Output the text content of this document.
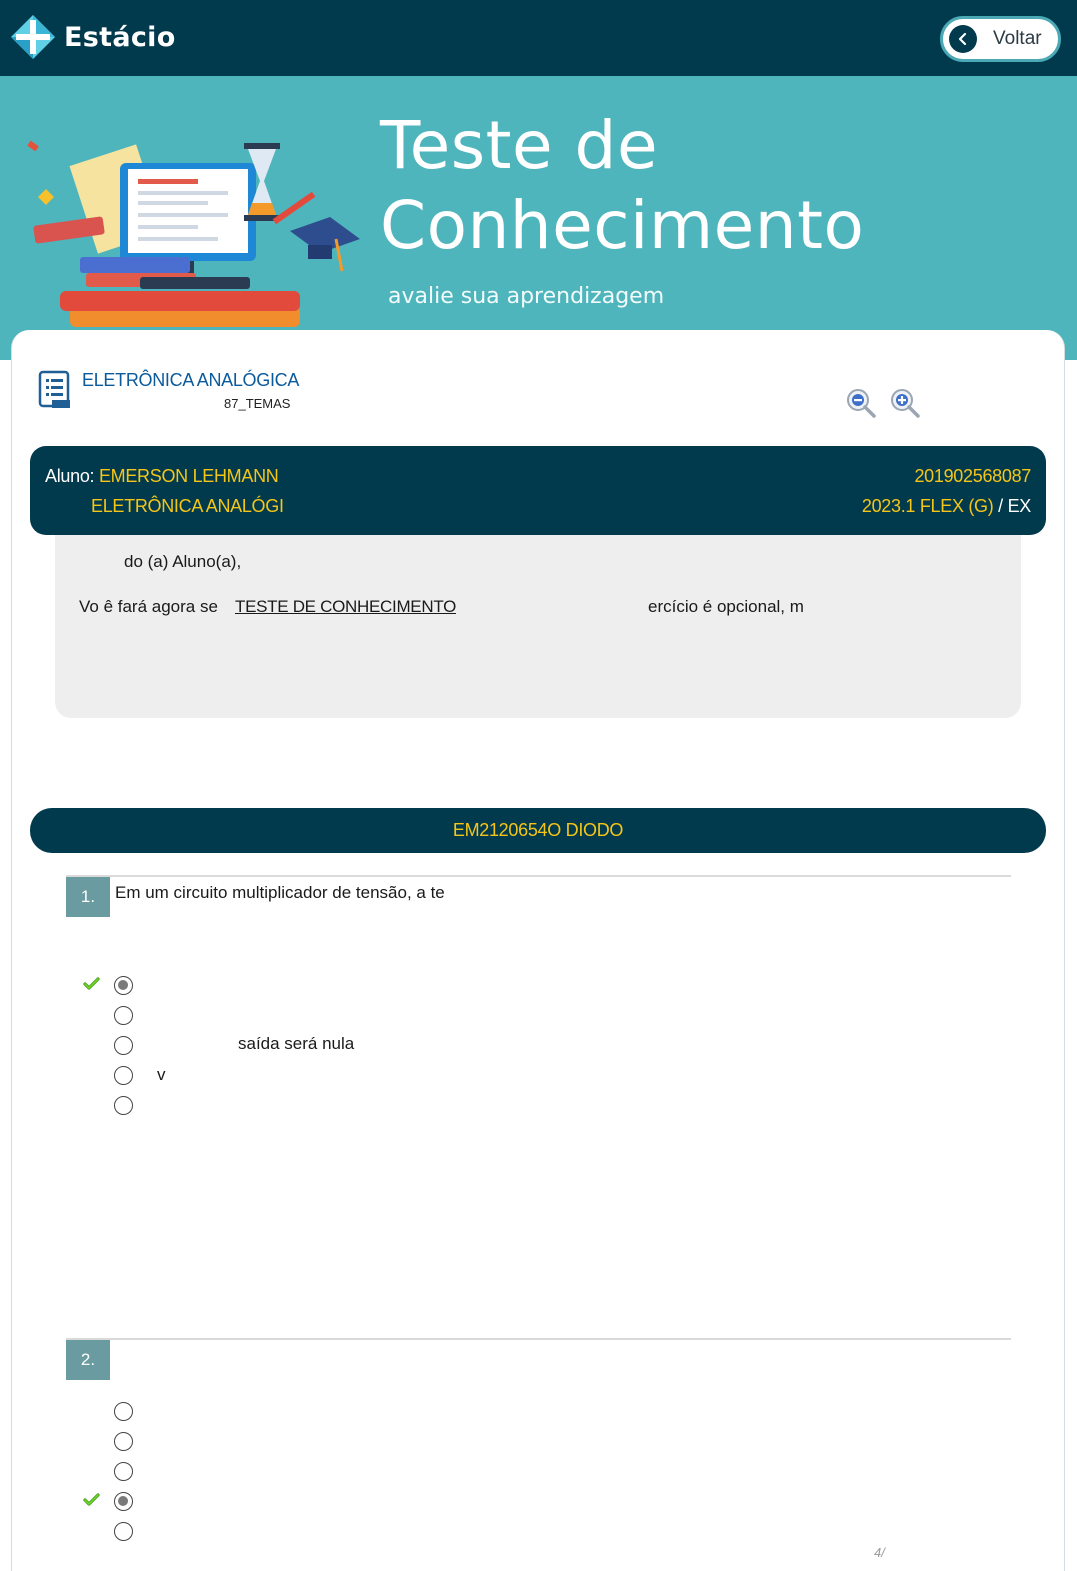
Estácio	Voltar
Teste de
Conhecimento
avalie sua aprendizagem
ELETRÔNICA ANALÓGICA
87_TEMAS
Aluno: EMERSON LEHMANN
ELETRÔNICA ANALÓGI
201902568087
2023.1 FLEX (G) / EX
do (a) Aluno(a),
Vo ê fará agora se TESTE DE CONHECIMENTO	ercício é opcional, m
EM2120654O DIODO
1.	Em um circuito multiplicador de tensão, a te
saída será nula
v
2.
4/
